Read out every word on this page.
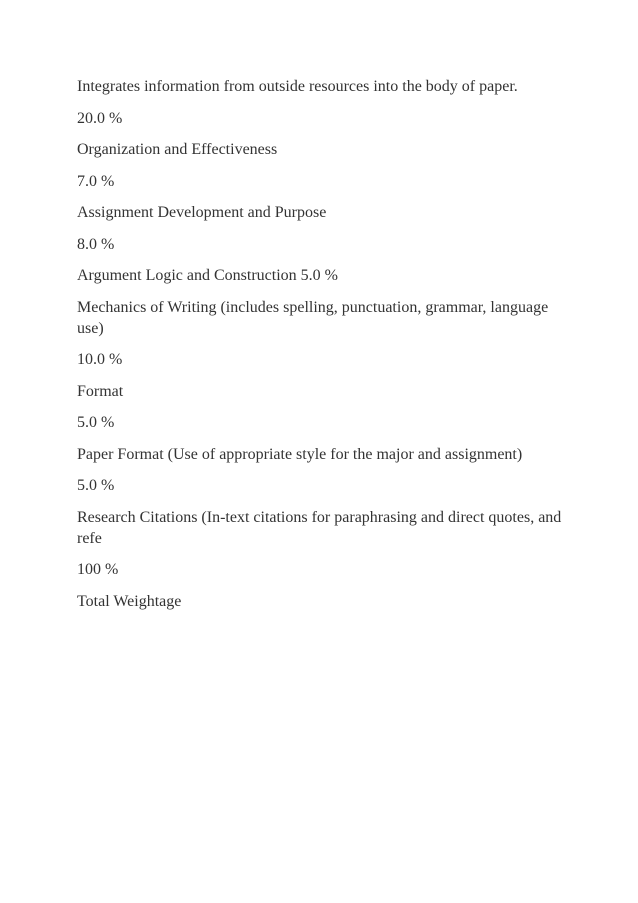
Integrates information from outside resources into the body of paper.

20.0 %

Organization and Effectiveness

7.0 %

Assignment Development and Purpose

8.0 %

Argument Logic and Construction 5.0 %

Mechanics of Writing (includes spelling, punctuation, grammar, language use)

10.0 %

Format

5.0 %

Paper Format (Use of appropriate style for the major and assignment)

5.0 %

Research Citations (In-text citations for paraphrasing and direct quotes, and refe

100 %

Total Weightage
